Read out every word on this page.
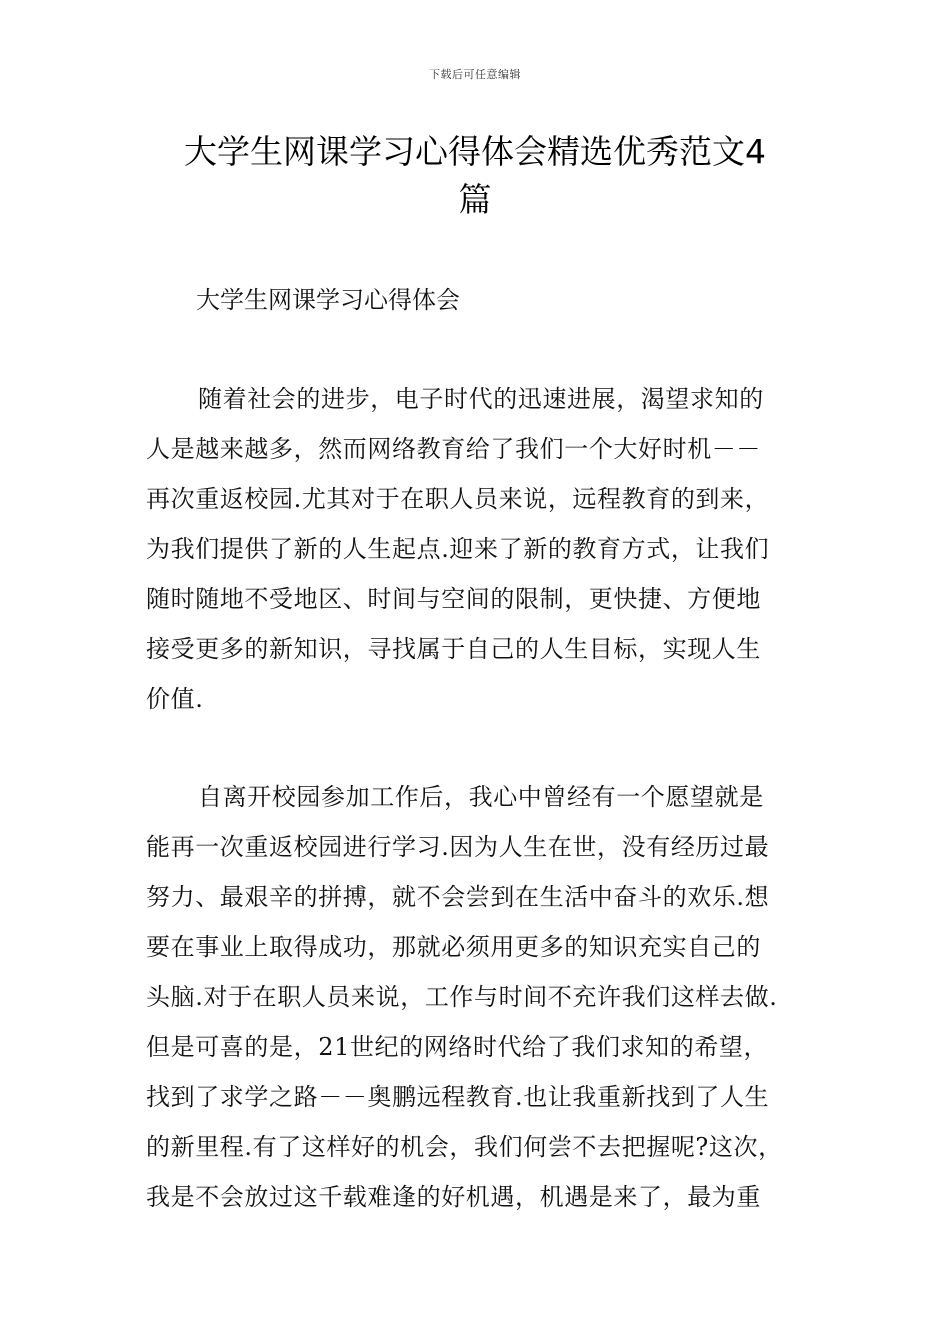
下载后可任意编辑
大学生网课学习心得体会精选优秀范文4
篇

大学生网课学习心得体会

随着社会的进步，电子时代的迅速进展，渴望求知的
人是越来越多，然而网络教育给了我们一个大好时机－－
再次重返校园.尤其对于在职人员来说，远程教育的到来，
为我们提供了新的人生起点.迎来了新的教育方式，让我们
随时随地不受地区、时间与空间的限制，更快捷、方便地
接受更多的新知识，寻找属于自己的人生目标，实现人生
价值.
自离开校园参加工作后，我心中曾经有一个愿望就是
能再一次重返校园进行学习.因为人生在世，没有经历过最
努力、最艰辛的拼搏，就不会尝到在生活中奋斗的欢乐.想
要在事业上取得成功，那就必须用更多的知识充实自己的
头脑.对于在职人员来说，工作与时间不充许我们这样去做.
但是可喜的是，21世纪的网络时代给了我们求知的希望，
找到了求学之路－－奥鹏远程教育.也让我重新找到了人生
的新里程.有了这样好的机会，我们何尝不去把握呢?这次，
我是不会放过这千载难逢的好机遇，机遇是来了，最为重
